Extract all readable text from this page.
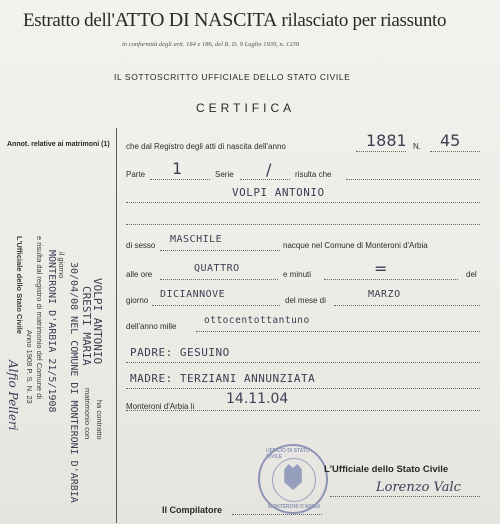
Estratto dell'ATTO DI NASCITA rilasciato per riassunto
in conformità degli artt. 184 e 186, del R. D. 9 Luglio 1939, n. 1238
IL SOTTOSCRITTO UFFICIALE DELLO STATO CIVILE
CERTIFICA
Annot. relative ai matrimoni (1)
VOLPI ANTONIO
ha contratto
CRESTI MARIA
matrimonio con
30/04/08 NEL COMUNE DI MONTERONI D'ARBIA
il giorno
MONTERONI D'ARBIA 21/5/1908
e risulta dal registro di matrimonio del Comune di
Anno 1908 P. S. N. 23
L'Ufficiale dello Stato Civile
Alfio Pelleri
che dal Registro degli atti di nascita dell'anno	1881 N. 45
Parte 1	Serie /	risulta che
VOLPI ANTONIO
di sesso
MASCHILE
nacque nel Comune di Monteroni d'Arbia
alle ore
QUATTRO
e minuti	=	del
giorno
DICIANNOVE
del mese di
MARZO
dell'anno mille
ottocentottantuno
PADRE: GESUINO
MADRE: TERZIANI ANNUNZIATA
Monteroni d'Arbia li 14.11.04
UFFICIO DI STATO CIVILE
MONTERONI D'ARBIA
L'Ufficiale dello Stato Civile
Lorenzo Valc
Il Compilatore
